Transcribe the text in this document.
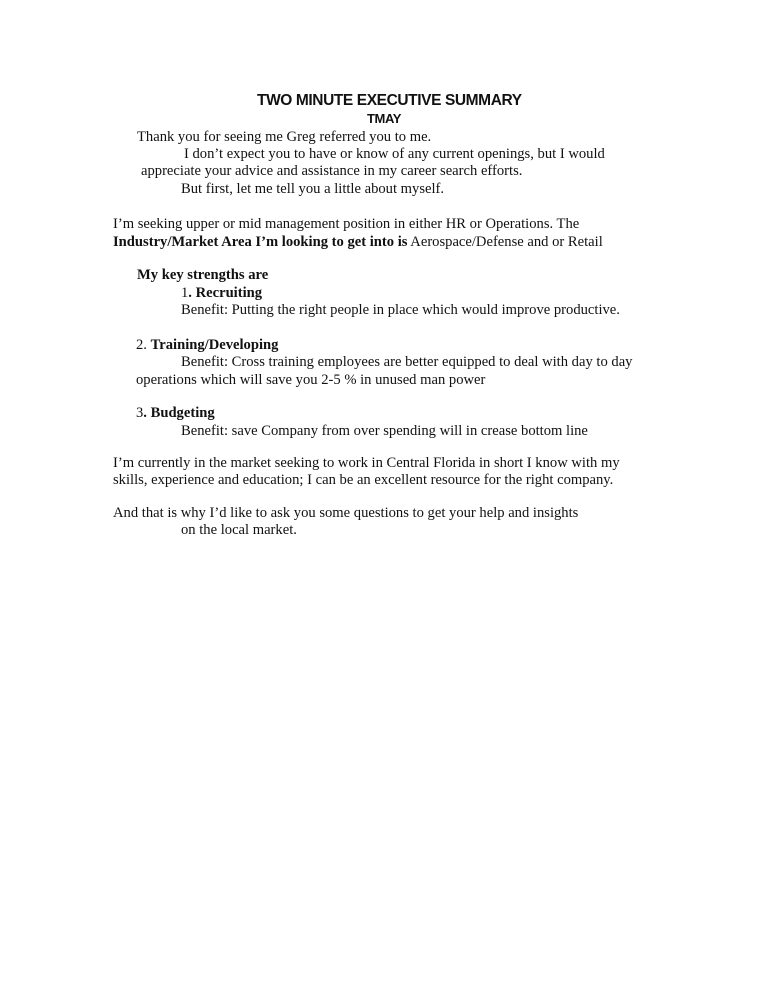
TWO MINUTE EXECUTIVE SUMMARY
TMAY
Thank you for seeing me Greg referred you to me.
I don’t expect you to have or know of any current openings, but I would
appreciate your advice and assistance in my career search efforts.
But first, let me tell you a little about myself.
I’m seeking upper or mid management position in either HR or Operations. The
Industry/Market Area I’m looking to get into is Aerospace/Defense and or Retail
My key strengths are
1. Recruiting
Benefit: Putting the right people in place which would improve productive.
2. Training/Developing
Benefit: Cross training employees are better equipped to deal with day to day
operations which will save you 2-5 % in unused man power
3. Budgeting
Benefit: save Company from over spending will in crease bottom line
I’m currently in the market seeking to work in Central Florida in short I know with my
skills, experience and education; I can be an excellent resource for the right company.
And that is why I’d like to ask you some questions to get your help and insights
on the local market.
